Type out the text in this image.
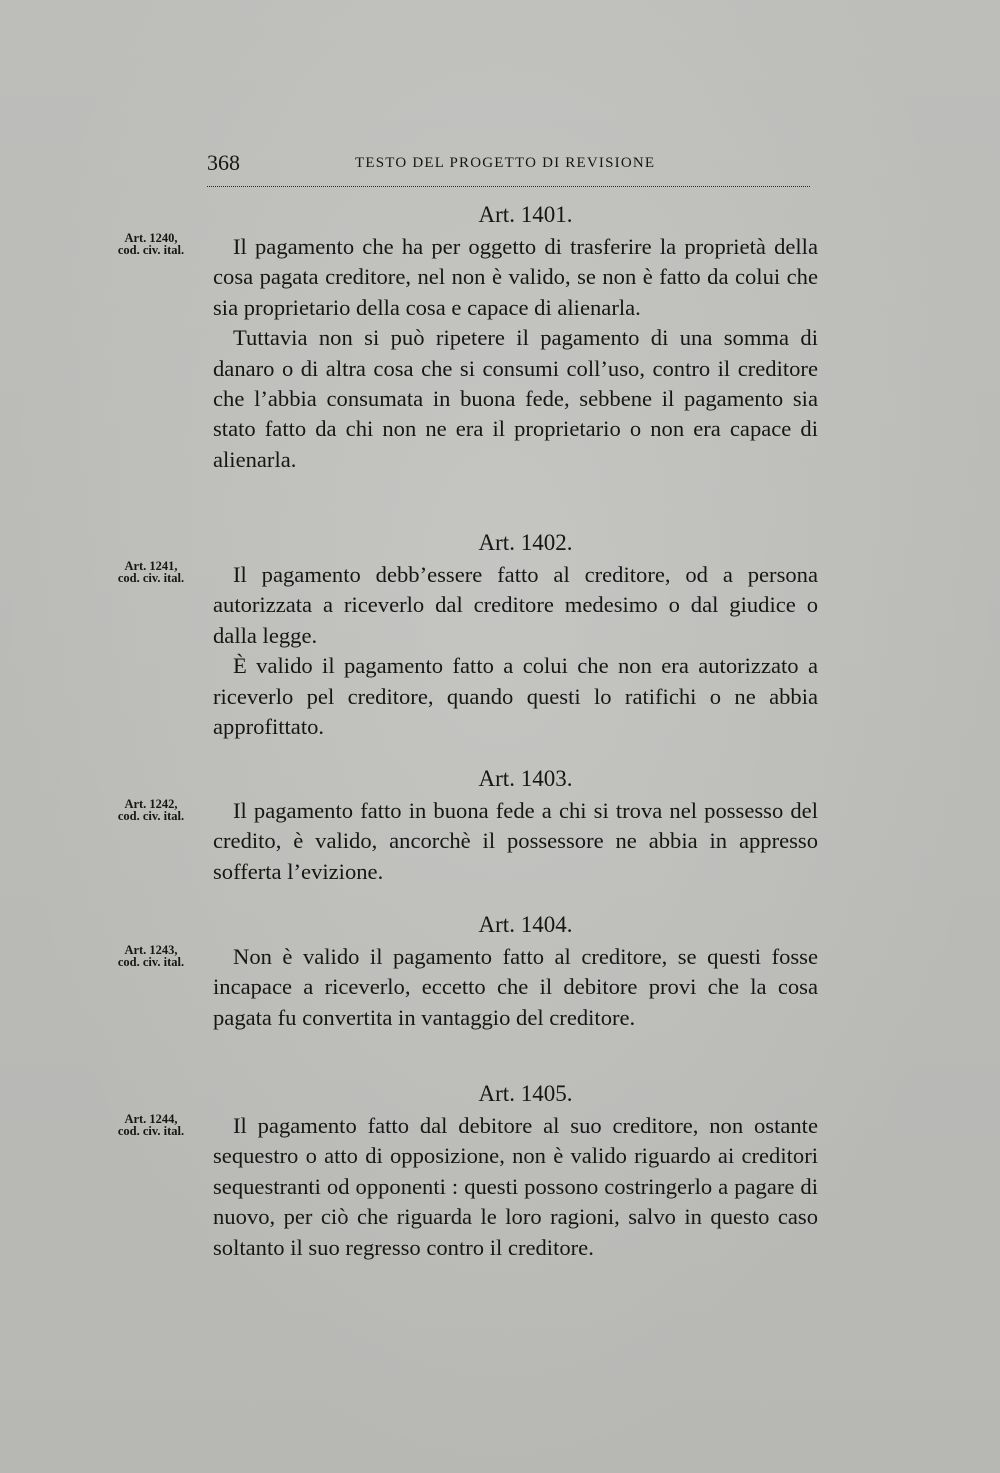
368	TESTO DEL PROGETTO DI REVISIONE
Art. 1240,
cod. civ. ital.
Art. 1401.

Il pagamento che ha per oggetto di trasferire la proprietà della cosa pagata creditore, nel non è valido, se non è fatto da colui che sia proprietario della cosa e capace di alienarla.

Tuttavia non si può ripetere il pagamento di una somma di danaro o di altra cosa che si consumi coll’uso, contro il creditore che l’abbia consumata in buona fede, sebbene il pagamento sia stato fatto da chi non ne era il proprietario o non era capace di alienarla.

Art. 1241,
cod. civ. ital.
Art. 1402.

Il pagamento debb’essere fatto al creditore, od a persona autorizzata a riceverlo dal creditore medesimo o dal giudice o dalla legge.

È valido il pagamento fatto a colui che non era autorizzato a riceverlo pel creditore, quando questi lo ratifichi o ne abbia approfittato.

Art. 1242,
cod. civ. ital.
Art. 1403.

Il pagamento fatto in buona fede a chi si trova nel possesso del credito, è valido, ancorchè il possessore ne abbia in appresso sofferta l’evizione.

Art. 1243,
cod. civ. ital.
Art. 1404.

Non è valido il pagamento fatto al creditore, se questi fosse incapace a riceverlo, eccetto che il debitore provi che la cosa pagata fu convertita in vantaggio del creditore.

Art. 1244,
cod. civ. ital.
Art. 1405.

Il pagamento fatto dal debitore al suo creditore, non ostante sequestro o atto di opposizione, non è valido riguardo ai creditori sequestranti od opponenti : questi possono costringerlo a pagare di nuovo, per ciò che riguarda le loro ragioni, salvo in questo caso soltanto il suo regresso contro il creditore.
